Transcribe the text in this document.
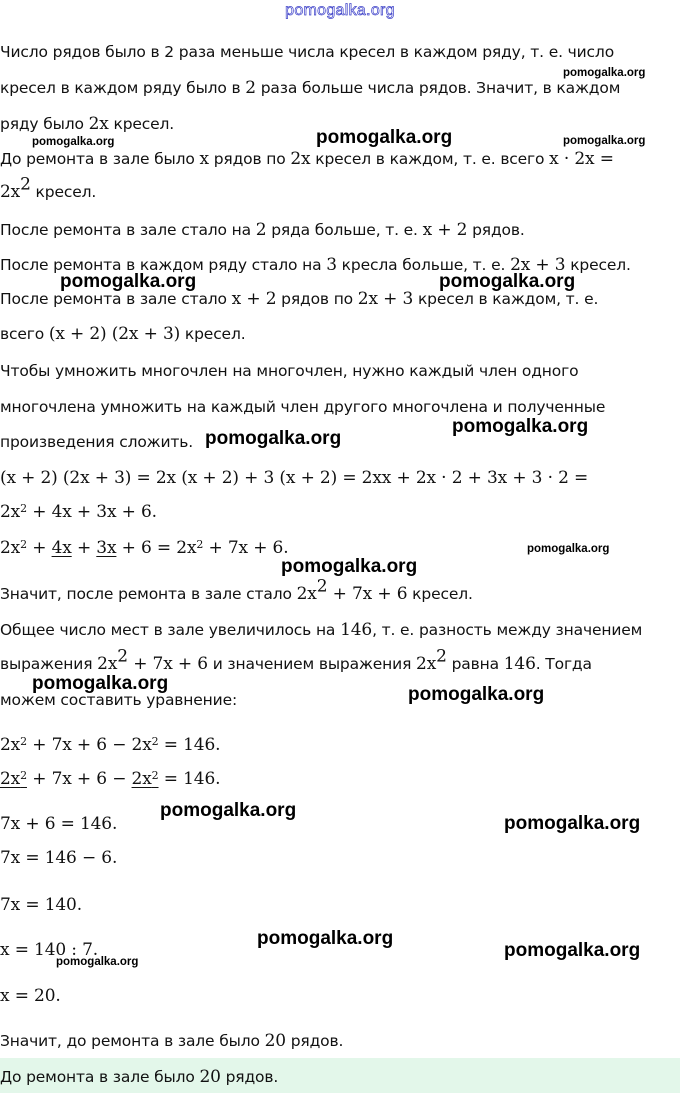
pomogalka.org
Число рядов было в 2 раза меньше числа кресел в каждом ряду, т. е. число
кресел в каждом ряду было в 2 раза больше числа рядов. Значит, в каждом
ряду было 2x кресел.
До ремонта в зале было x рядов по 2x кресел в каждом, т. е. всего x · 2x =
$2x^2$ кресел.
После ремонта в зале стало на 2 ряда больше, т. е. x + 2 рядов.
После ремонта в каждом ряду стало на 3 кресла больше, т. е. 2x + 3 кресел.
После ремонта в зале стало x + 2 рядов по 2x + 3 кресел в каждом, т. е.
всего (x + 2) (2x + 3) кресел.
Чтобы умножить многочлен на многочлен, нужно каждый член одного
многочлена умножить на каждый член другого многочлена и полученные
произведения сложить.
(x + 2) (2x + 3) = 2x (x + 2) + 3 (x + 2) = 2xx + 2x · 2 + 3x + 3 · 2 =
$2x^2 + 4x + 3x + 6$.
$2x^2 + 4x + 3x + 6 = 2x^2 + 7x + 6$.
Значит, после ремонта в зале стало $2x^2 + 7x + 6$ кресел.
Общее число мест в зале увеличилось на 146, т. е. разность между значением
выражения $2x^2 + 7x + 6$ и значением выражения $2x^2$ равна 146. Тогда
можем составить уравнение:
$2x^2 + 7x + 6 - 2x^2 = 146$.
$2x^2 + 7x + 6 - 2x^2 = 146$.
7x + 6 = 146.
7x = 146 − 6.
7x = 140.
x = 140 : 7.
x = 20.
Значит, до ремонта в зале было 20 рядов.
До ремонта в зале было 20 рядов.
pomogalka.org
pomogalka.org	pomogalka.org	pomogalka.org
pomogalka.org	pomogalka.org
pomogalka.org
pomogalka.org
pomogalka.org
pomogalka.org
pomogalka.org
pomogalka.org
pomogalka.org
pomogalka.org
pomogalka.org
pomogalka.org
pomogalka.org
